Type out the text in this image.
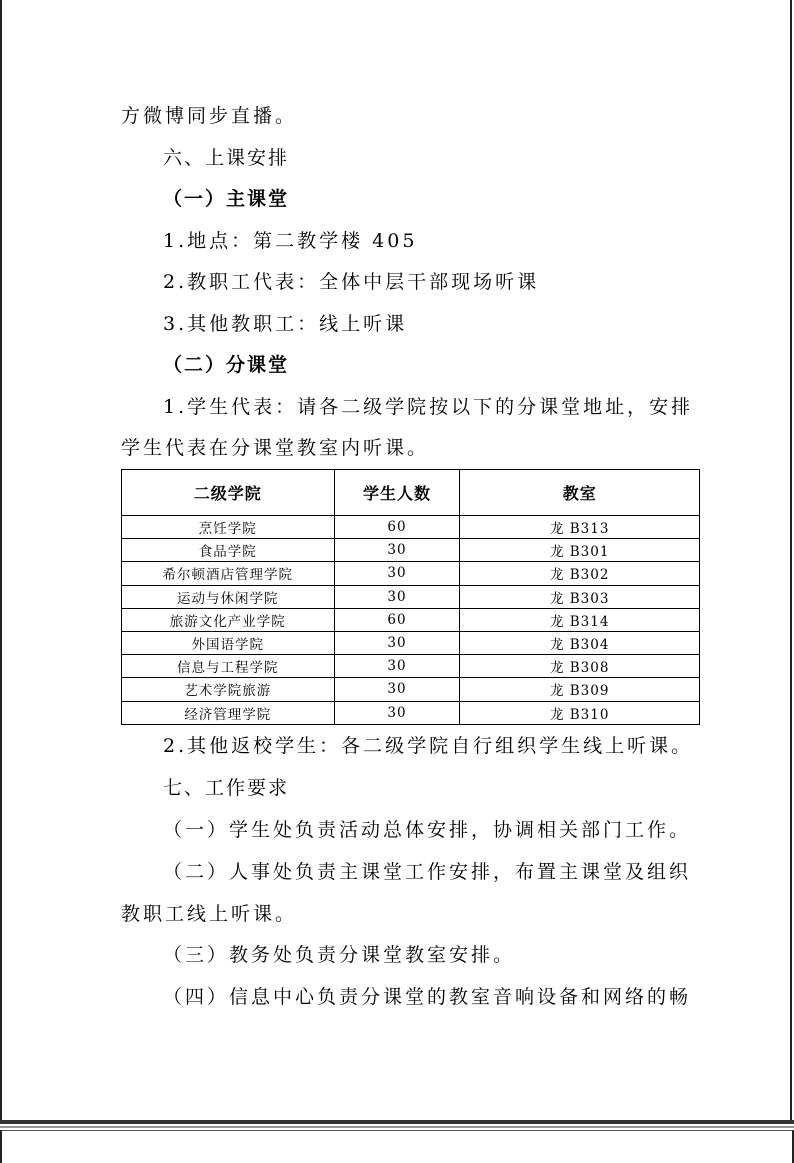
方微博同步直播。
六、上课安排
（一）主课堂
1.地点：第二教学楼 405
2.教职工代表：全体中层干部现场听课
3.其他教职工：线上听课
（二）分课堂
1.学生代表：请各二级学院按以下的分课堂地址，安排
学生代表在分课堂教室内听课。
二级学院	学生人数	教室
烹饪学院	60	龙 B313
食品学院	30	龙 B301
希尔顿酒店管理学院	30	龙 B302
运动与休闲学院	30	龙 B303
旅游文化产业学院	60	龙 B314
外国语学院	30	龙 B304
信息与工程学院	30	龙 B308
艺术学院旅游	30	龙 B309
经济管理学院	30	龙 B310
2.其他返校学生：各二级学院自行组织学生线上听课。
七、工作要求
（一）学生处负责活动总体安排，协调相关部门工作。
（二）人事处负责主课堂工作安排，布置主课堂及组织
教职工线上听课。
（三）教务处负责分课堂教室安排。
（四）信息中心负责分课堂的教室音响设备和网络的畅
